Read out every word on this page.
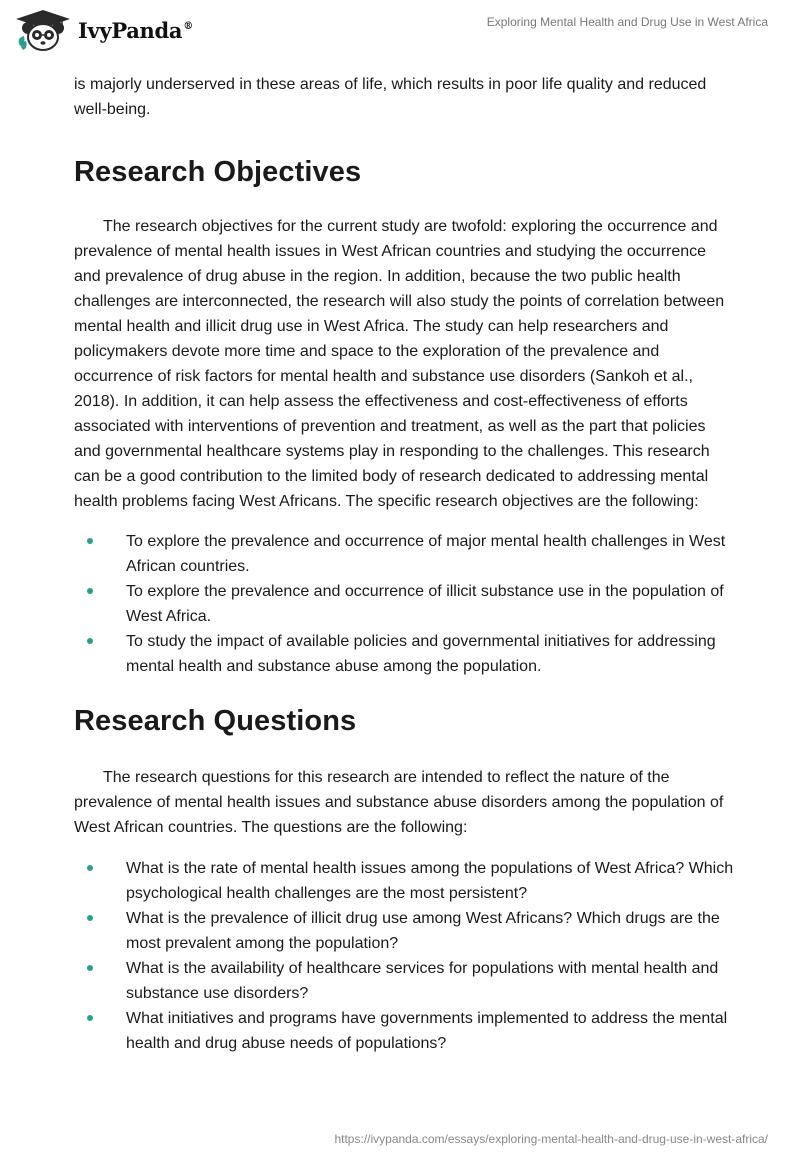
IvyPanda®	Exploring Mental Health and Drug Use in West Africa

is majorly underserved in these areas of life, which results in poor life quality and reduced well-being.

Research Objectives

The research objectives for the current study are twofold: exploring the occurrence and prevalence of mental health issues in West African countries and studying the occurrence and prevalence of drug abuse in the region. In addition, because the two public health challenges are interconnected, the research will also study the points of correlation between mental health and illicit drug use in West Africa. The study can help researchers and policymakers devote more time and space to the exploration of the prevalence and occurrence of risk factors for mental health and substance use disorders (Sankoh et al., 2018). In addition, it can help assess the effectiveness and cost-effectiveness of efforts associated with interventions of prevention and treatment, as well as the part that policies and governmental healthcare systems play in responding to the challenges. This research can be a good contribution to the limited body of research dedicated to addressing mental health problems facing West Africans. The specific research objectives are the following:

To explore the prevalence and occurrence of major mental health challenges in West African countries.
To explore the prevalence and occurrence of illicit substance use in the population of West Africa.
To study the impact of available policies and governmental initiatives for addressing mental health and substance abuse among the population.
Research Questions

The research questions for this research are intended to reflect the nature of the prevalence of mental health issues and substance abuse disorders among the population of West African countries. The questions are the following:

What is the rate of mental health issues among the populations of West Africa? Which psychological health challenges are the most persistent?
What is the prevalence of illicit drug use among West Africans? Which drugs are the most prevalent among the population?
What is the availability of healthcare services for populations with mental health and substance use disorders?
What initiatives and programs have governments implemented to address the mental health and drug abuse needs of populations?
https://ivypanda.com/essays/exploring-mental-health-and-drug-use-in-west-africa/
